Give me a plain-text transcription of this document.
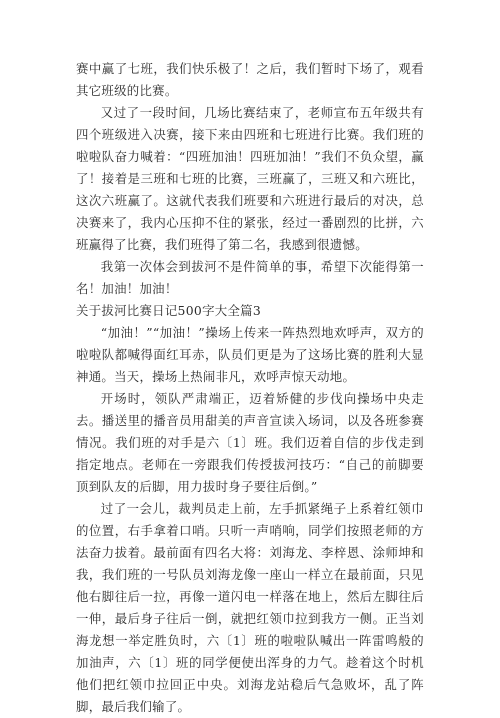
赛中赢了七班，我们快乐极了！之后，我们暂时下场了，观看其它班级的比赛。

又过了一段时间，几场比赛结束了，老师宣布五年级共有四个班级进入决赛，接下来由四班和七班进行比赛。我们班的啦啦队奋力喊着：“四班加油！四班加油！”我们不负众望，赢了！接着是三班和七班的比赛，三班赢了，三班又和六班比，这次六班赢了。这就代表我们班要和六班进行最后的对决，总决赛来了，我内心压抑不住的紧张，经过一番剧烈的比拼，六班赢得了比赛，我们班得了第二名，我感到很遗憾。

我第一次体会到拔河不是件简单的事，希望下次能得第一名！加油！加油！

关于拔河比赛日记500字大全篇3

“加油！”“加油！”操场上传来一阵热烈地欢呼声，双方的啦啦队都喊得面红耳赤，队员们更是为了这场比赛的胜利大显神通。当天，操场上热闹非凡，欢呼声惊天动地。

开场时，领队严肃端正，迈着矫健的步伐向操场中央走去。播送里的播音员用甜美的声音宣读入场词，以及各班参赛情况。我们班的对手是六〔1〕班。我们迈着自信的步伐走到指定地点。老师在一旁跟我们传授拔河技巧：“自己的前脚要顶到队友的后脚，用力拔时身子要往后倒。”

过了一会儿，裁判员走上前，左手抓紧绳子上系着红领巾的位置，右手拿着口哨。只听一声哨响，同学们按照老师的方法奋力拔着。最前面有四名大将：刘海龙、李梓恩、涂师坤和我，我们班的一号队员刘海龙像一座山一样立在最前面，只见他右脚往后一拉，再像一道闪电一样落在地上，然后左脚往后一伸，最后身子往后一倒，就把红领巾拉到我方一侧。正当刘海龙想一举定胜负时，六〔1〕班的啦啦队喊出一阵雷鸣般的加油声，六〔1〕班的同学便使出浑身的力气。趁着这个时机他们把红领巾拉回正中央。刘海龙站稳后气急败坏，乱了阵脚，最后我们输了。
